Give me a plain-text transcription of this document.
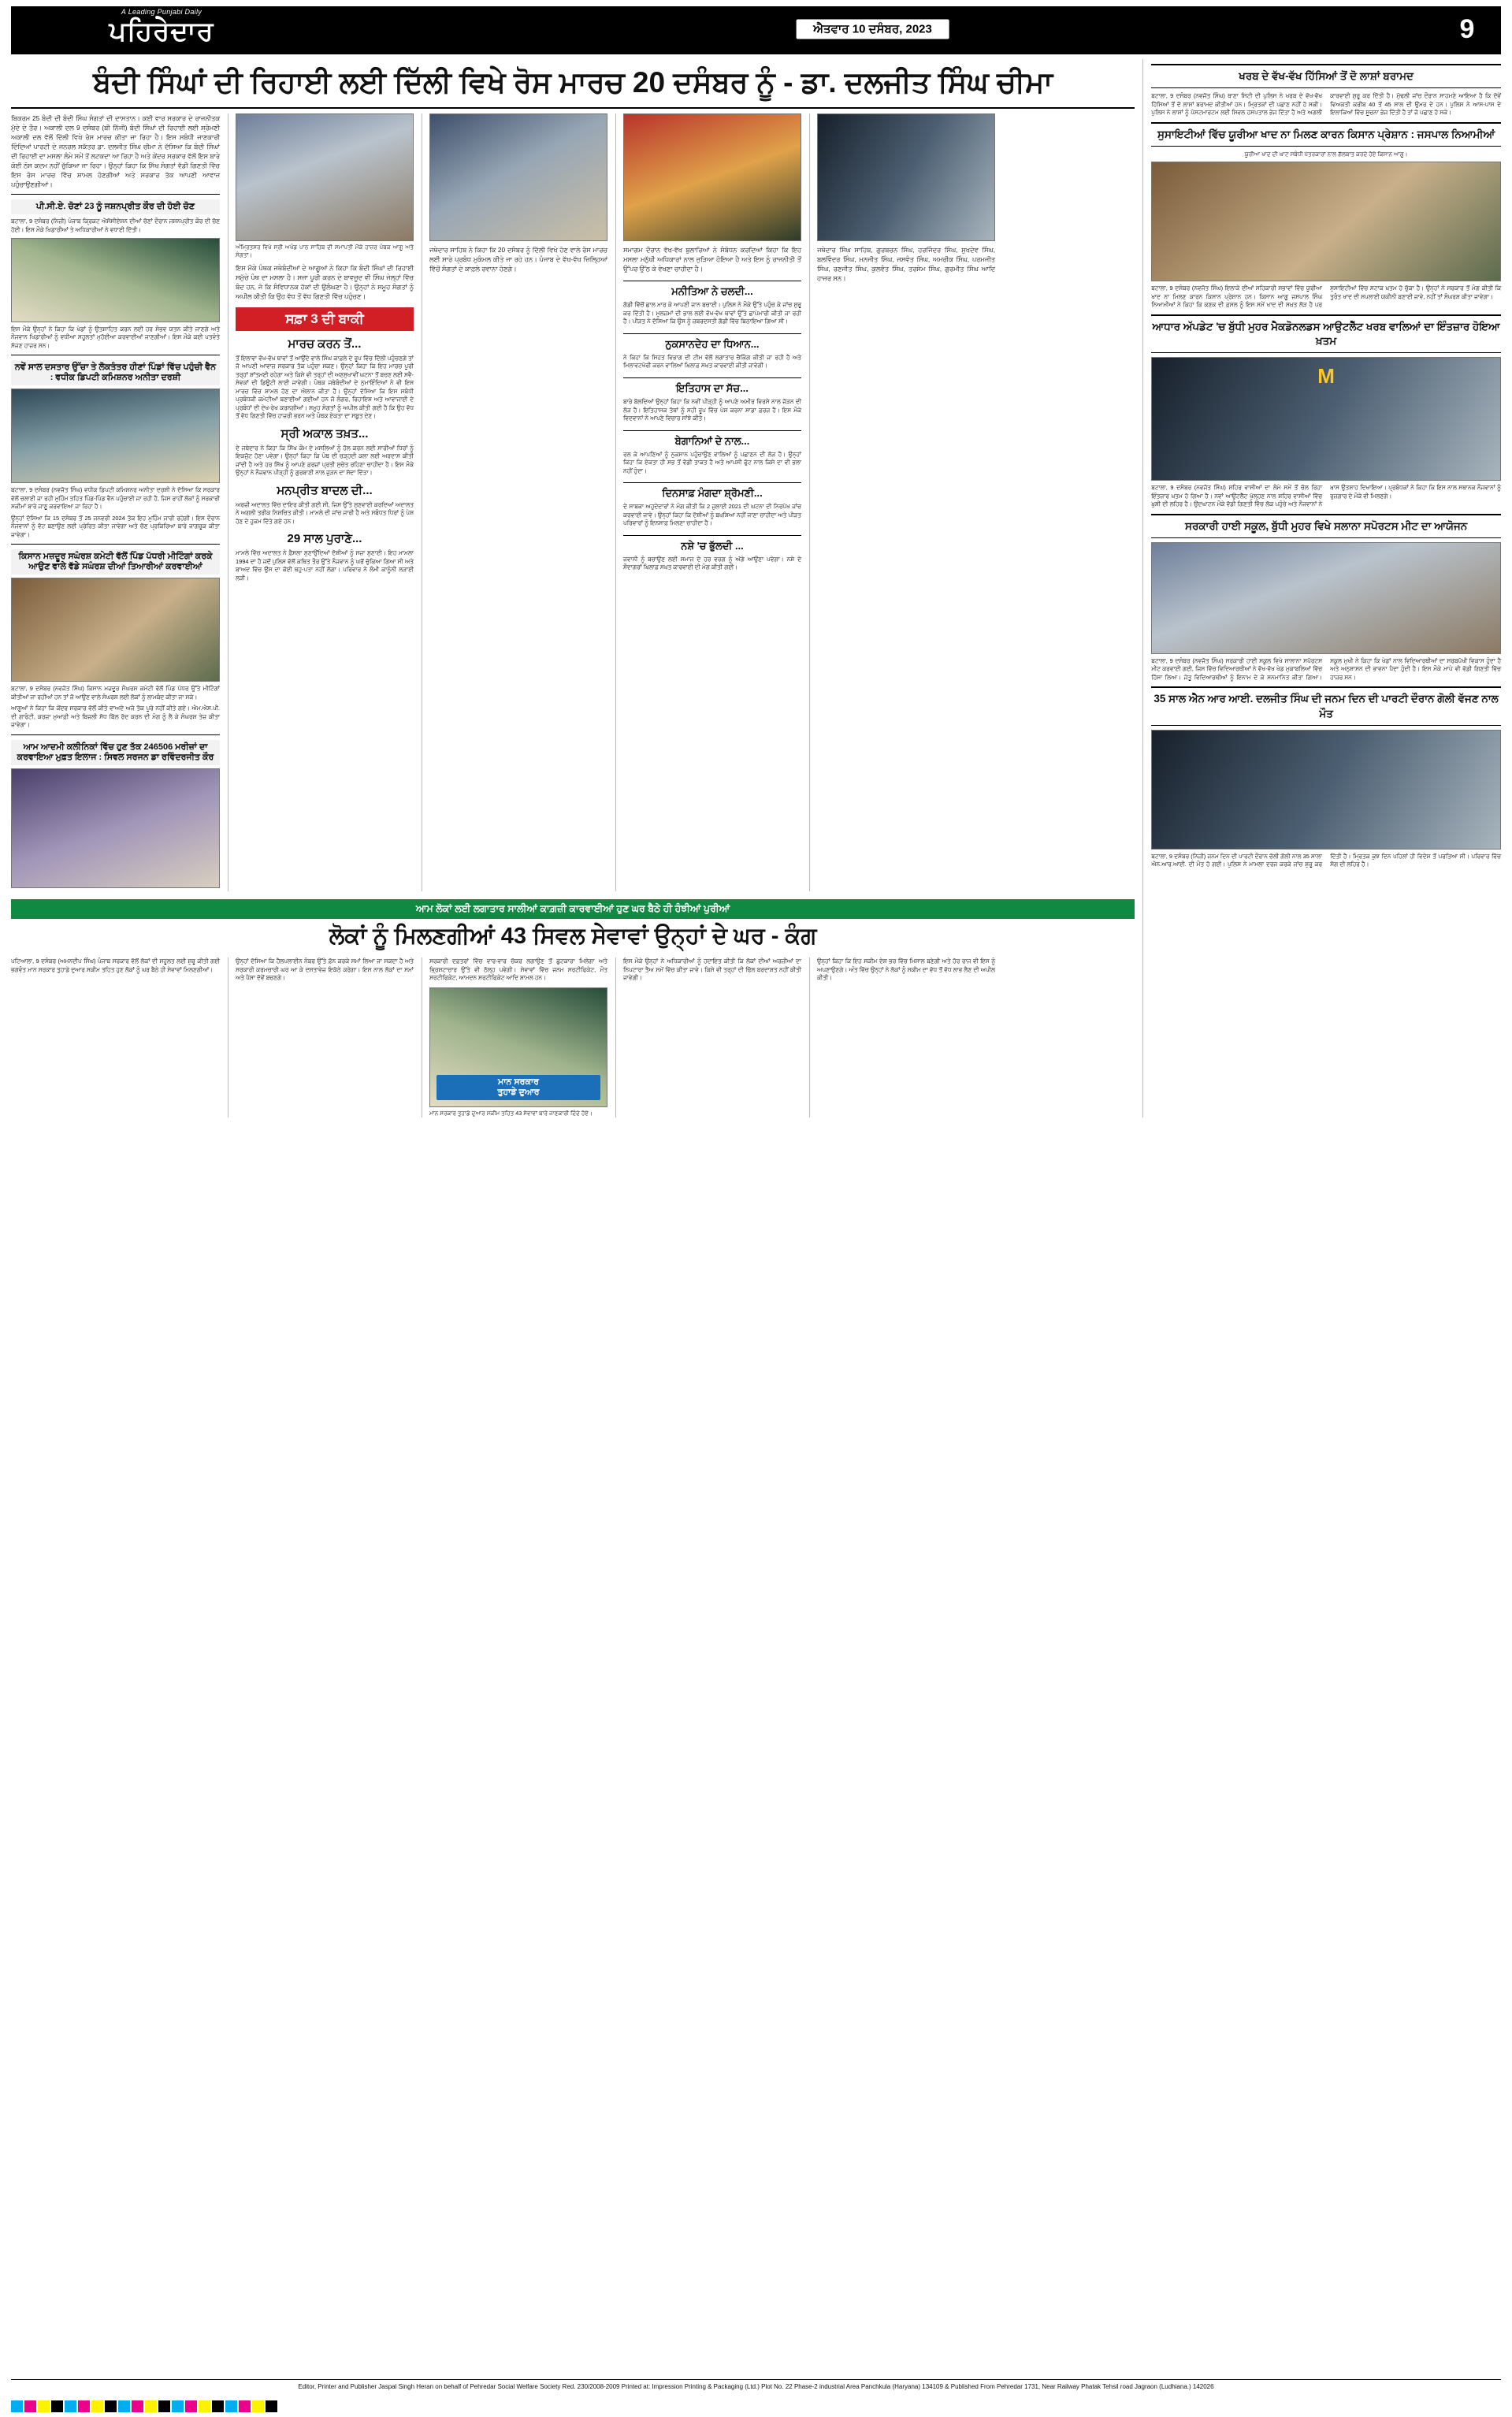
A Leading Punjabi Daily
ਪਹਿਰੇਦਾਰ	ਐਤਵਾਰ 10 ਦਸੰਬਰ, 2023	9
ਬੰਦੀ ਸਿੰਘਾਂ ਦੀ ਰਿਹਾਈ ਲਈ ਦਿੱਲੀ ਵਿਖੇ ਰੋਸ ਮਾਰਚ 20 ਦਸੰਬਰ ਨੂੰ - ਡਾ. ਦਲਜੀਤ ਸਿੰਘ ਚੀਮਾ
ਬਿਕਰਮ 25 ਬੰਦੀ ਦੀ ਬੰਦੀ ਸਿੰਘ ਸੰਗਤਾਂ ਦੀ ਦਾਸਤਾਨ। ਕਈ ਵਾਰ ਸਰਕਾਰ ਦੇ ਰਾਜਨੀਤਕ ਮੁੱਦੇ ਦੇ ਤੌਰ। ਅਕਾਲੀ ਦਲ 9 ਦਸੰਬਰ (ਬੀ ਨਿੱਜੀ) ਬੰਦੀ ਸਿੰਘਾਂ ਦੀ ਰਿਹਾਈ ਲਈ ਸ਼੍ਰੋਮਣੀ ਅਕਾਲੀ ਦਲ ਵੱਲੋਂ ਦਿੱਲੀ ਵਿਖੇ ਰੋਸ ਮਾਰਚ ਕੀਤਾ ਜਾ ਰਿਹਾ ਹੈ। ਇਸ ਸਬੰਧੀ ਜਾਣਕਾਰੀ ਦਿੰਦਿਆਂ ਪਾਰਟੀ ਦੇ ਜਨਰਲ ਸਕੱਤਰ ਡਾ. ਦਲਜੀਤ ਸਿੰਘ ਚੀਮਾ ਨੇ ਦੱਸਿਆ ਕਿ ਬੰਦੀ ਸਿੰਘਾਂ ਦੀ ਰਿਹਾਈ ਦਾ ਮਸਲਾ ਲੰਮੇ ਸਮੇਂ ਤੋਂ ਲਟਕਦਾ ਆ ਰਿਹਾ ਹੈ ਅਤੇ ਕੇਂਦਰ ਸਰਕਾਰ ਵੱਲੋਂ ਇਸ ਬਾਰੇ ਕੋਈ ਠੋਸ ਕਦਮ ਨਹੀਂ ਚੁੱਕਿਆ ਜਾ ਰਿਹਾ। ਉਨ੍ਹਾਂ ਕਿਹਾ ਕਿ ਸਿੱਖ ਸੰਗਤਾਂ ਵੱਡੀ ਗਿਣਤੀ ਵਿੱਚ ਇਸ ਰੋਸ ਮਾਰਚ ਵਿੱਚ ਸ਼ਾਮਲ ਹੋਣਗੀਆਂ ਅਤੇ ਸਰਕਾਰ ਤੱਕ ਆਪਣੀ ਆਵਾਜ਼ ਪਹੁੰਚਾਉਣਗੀਆਂ।
ਪੀ.ਸੀ.ਏ. ਚੋਣਾਂ 23 ਨੂੰ ਜਸ਼ਨਪ੍ਰੀਤ ਕੌਰ ਦੀ ਹੋਈ ਚੋਣ
ਬਟਾਲਾ, 9 ਦਸੰਬਰ (ਨਿਜ਼ੀ) ਪੰਜਾਬ ਕ੍ਰਿਕਟ ਐਸੋਸੀਏਸ਼ਨ ਦੀਆਂ ਚੋਣਾਂ ਦੌਰਾਨ ਜਸ਼ਨਪ੍ਰੀਤ ਕੌਰ ਦੀ ਚੋਣ ਹੋਈ। ਇਸ ਮੌਕੇ ਖਿਡਾਰੀਆਂ ਤੇ ਅਧਿਕਾਰੀਆਂ ਨੇ ਵਧਾਈ ਦਿੱਤੀ।
ਇਸ ਮੌਕੇ ਉਨ੍ਹਾਂ ਨੇ ਕਿਹਾ ਕਿ ਖੇਡਾਂ ਨੂੰ ਉਤਸ਼ਾਹਿਤ ਕਰਨ ਲਈ ਹਰ ਸੰਭਵ ਯਤਨ ਕੀਤੇ ਜਾਣਗੇ ਅਤੇ ਨੌਜਵਾਨ ਖਿਡਾਰੀਆਂ ਨੂੰ ਵਧੀਆ ਸਹੂਲਤਾਂ ਮੁਹੱਈਆ ਕਰਵਾਈਆਂ ਜਾਣਗੀਆਂ। ਇਸ ਮੌਕੇ ਕਈ ਪਤਵੰਤੇ ਸੱਜਣ ਹਾਜ਼ਰ ਸਨ।
ਨਵੇਂ ਸਾਲ ਦਸਤਾਰ ਉੱਚਾ ਤੇ ਲੋਕਤੰਤਰ ਹੀਣਾਂ ਪਿੰਡਾਂ ਵਿੱਚ ਪਹੁੰਚੀ ਵੈਨ : ਵਧੀਕ ਡਿਪਟੀ ਕਮਿਸ਼ਨਰ ਅਨੀਤਾ ਦਰਸ਼ੀ
ਬਟਾਲਾ, 9 ਦਸੰਬਰ (ਨਵਜੋਤ ਸਿੰਘ) ਵਧੀਕ ਡਿਪਟੀ ਕਮਿਸ਼ਨਰ ਅਨੀਤਾ ਦਰਸ਼ੀ ਨੇ ਦੱਸਿਆ ਕਿ ਸਰਕਾਰ ਵੱਲੋਂ ਚਲਾਈ ਜਾ ਰਹੀ ਮੁਹਿੰਮ ਤਹਿਤ ਪਿੰਡ-ਪਿੰਡ ਵੈਨ ਪਹੁੰਚਾਈ ਜਾ ਰਹੀ ਹੈ, ਜਿਸ ਰਾਹੀਂ ਲੋਕਾਂ ਨੂੰ ਸਰਕਾਰੀ ਸਕੀਮਾਂ ਬਾਰੇ ਜਾਣੂ ਕਰਵਾਇਆ ਜਾ ਰਿਹਾ ਹੈ।
ਉਨ੍ਹਾਂ ਦੱਸਿਆ ਕਿ 15 ਦਸੰਬਰ ਤੋਂ 25 ਜਨਵਰੀ 2024 ਤੱਕ ਇਹ ਮੁਹਿੰਮ ਜਾਰੀ ਰਹੇਗੀ। ਇਸ ਦੌਰਾਨ ਨੌਜਵਾਨਾਂ ਨੂੰ ਵੋਟ ਬਣਾਉਣ ਲਈ ਪ੍ਰੇਰਿਤ ਕੀਤਾ ਜਾਵੇਗਾ ਅਤੇ ਚੋਣ ਪ੍ਰਕਿਰਿਆ ਬਾਰੇ ਜਾਗਰੂਕ ਕੀਤਾ ਜਾਵੇਗਾ।
ਕਿਸਾਨ ਮਜ਼ਦੂਰ ਸਘੰਰਸ਼ ਕਮੇਟੀ ਵੱਲੋਂ ਪਿੰਡ ਪੱਧਰੀ ਮੀਟਿੰਗਾਂ ਕਰਕੇ ਆਉਣ ਵਾਲੇ ਵੱਡੇ ਸਘੰਰਸ਼ ਦੀਆਂ ਤਿਆਰੀਆਂ ਕਰਵਾਈਆਂ
ਬਟਾਲਾ, 9 ਦਸੰਬਰ (ਨਵਜੋਤ ਸਿੰਘ) ਕਿਸਾਨ ਮਜ਼ਦੂਰ ਸੰਘਰਸ਼ ਕਮੇਟੀ ਵੱਲੋਂ ਪਿੰਡ ਪੱਧਰ ਉੱਤੇ ਮੀਟਿੰਗਾਂ ਕੀਤੀਆਂ ਜਾ ਰਹੀਆਂ ਹਨ ਤਾਂ ਜੋ ਆਉਣ ਵਾਲੇ ਸੰਘਰਸ਼ ਲਈ ਲੋਕਾਂ ਨੂੰ ਲਾਮਬੰਦ ਕੀਤਾ ਜਾ ਸਕੇ।
ਆਗੂਆਂ ਨੇ ਕਿਹਾ ਕਿ ਕੇਂਦਰ ਸਰਕਾਰ ਵੱਲੋਂ ਕੀਤੇ ਵਾਅਦੇ ਅਜੇ ਤੱਕ ਪੂਰੇ ਨਹੀਂ ਕੀਤੇ ਗਏ। ਐਮ.ਐਸ.ਪੀ. ਦੀ ਗਾਰੰਟੀ, ਕਰਜ਼ਾ ਮੁਆਫ਼ੀ ਅਤੇ ਬਿਜਲੀ ਸੋਧ ਬਿੱਲ ਰੱਦ ਕਰਨ ਦੀ ਮੰਗ ਨੂੰ ਲੈ ਕੇ ਸੰਘਰਸ਼ ਤੇਜ਼ ਕੀਤਾ ਜਾਵੇਗਾ।
ਆਮ ਆਦਮੀ ਕਲੀਨਿਕਾਂ ਵਿੱਚ ਹੁਣ ਤੱਕ 246506 ਮਰੀਜ਼ਾਂ ਦਾ ਕਰਵਾਇਆ ਮੁਫ਼ਤ ਇਲਾਜ : ਸਿਵਲ ਸਰਜਨ ਡਾ ਰਵਿੰਦਰਜੀਤ ਕੌਰ
ਅੰਮ੍ਰਿਤਸਰ ਵਿਖੇ ਸ੍ਰੀ ਅਖੰਡ ਪਾਠ ਸਾਹਿਬ ਦੀ ਸਮਾਪਤੀ ਮੌਕੇ ਹਾਜ਼ਰ ਪੰਥਕ ਆਗੂ ਅਤੇ ਸੰਗਤਾਂ।
ਇਸ ਮੌਕੇ ਪੰਥਕ ਜਥੇਬੰਦੀਆਂ ਦੇ ਆਗੂਆਂ ਨੇ ਕਿਹਾ ਕਿ ਬੰਦੀ ਸਿੰਘਾਂ ਦੀ ਰਿਹਾਈ ਸਮੁੱਚੇ ਪੰਥ ਦਾ ਮਸਲਾ ਹੈ। ਸਜ਼ਾ ਪੂਰੀ ਕਰਨ ਦੇ ਬਾਵਜੂਦ ਵੀ ਸਿੰਘ ਜੇਲ੍ਹਾਂ ਵਿੱਚ ਬੰਦ ਹਨ, ਜੋ ਕਿ ਸੰਵਿਧਾਨਕ ਹੱਕਾਂ ਦੀ ਉਲੰਘਣਾ ਹੈ। ਉਨ੍ਹਾਂ ਨੇ ਸਮੂਹ ਸੰਗਤਾਂ ਨੂੰ ਅਪੀਲ ਕੀਤੀ ਕਿ ਉਹ ਵੱਧ ਤੋਂ ਵੱਧ ਗਿਣਤੀ ਵਿੱਚ ਪਹੁੰਚਣ।
ਸਫ਼ਾ 3 ਦੀ ਬਾਕੀ
ਮਾਰਚ ਕਰਨ ਤੋਂ...
ਤੋਂ ਇਲਾਵਾ ਵੱਖ-ਵੱਖ ਥਾਵਾਂ ਤੋਂ ਆਉਂਦੇ ਵਾਲੇ ਸਿੰਘ ਕਾਫ਼ਲੇ ਦੇ ਰੂਪ ਵਿੱਚ ਦਿੱਲੀ ਪਹੁੰਚਣਗੇ ਤਾਂ ਜੋ ਆਪਣੀ ਆਵਾਜ਼ ਸਰਕਾਰ ਤੱਕ ਪਹੁੰਚਾ ਸਕਣ। ਉਨ੍ਹਾਂ ਕਿਹਾ ਕਿ ਇਹ ਮਾਰਚ ਪੂਰੀ ਤਰ੍ਹਾਂ ਸ਼ਾਂਤਮਈ ਰਹੇਗਾ ਅਤੇ ਕਿਸੇ ਵੀ ਤਰ੍ਹਾਂ ਦੀ ਅਣਸੁਖਾਵੀਂ ਘਟਨਾ ਤੋਂ ਬਚਣ ਲਈ ਸਵੈ-ਸੇਵਕਾਂ ਦੀ ਡਿਊਟੀ ਲਾਈ ਜਾਵੇਗੀ। ਪੰਥਕ ਜਥੇਬੰਦੀਆਂ ਦੇ ਨੁਮਾਇੰਦਿਆਂ ਨੇ ਵੀ ਇਸ ਮਾਰਚ ਵਿੱਚ ਸ਼ਾਮਲ ਹੋਣ ਦਾ ਐਲਾਨ ਕੀਤਾ ਹੈ। ਉਨ੍ਹਾਂ ਦੱਸਿਆ ਕਿ ਇਸ ਸਬੰਧੀ ਪ੍ਰਬੰਧਕੀ ਕਮੇਟੀਆਂ ਬਣਾਈਆਂ ਗਈਆਂ ਹਨ ਜੋ ਲੰਗਰ, ਰਿਹਾਇਸ਼ ਅਤੇ ਆਵਾਜਾਈ ਦੇ ਪ੍ਰਬੰਧਾਂ ਦੀ ਦੇਖ-ਰੇਖ ਕਰਨਗੀਆਂ। ਸਮੂਹ ਸੰਗਤਾਂ ਨੂੰ ਅਪੀਲ ਕੀਤੀ ਗਈ ਹੈ ਕਿ ਉਹ ਵੱਧ ਤੋਂ ਵੱਧ ਗਿਣਤੀ ਵਿੱਚ ਹਾਜ਼ਰੀ ਭਰਨ ਅਤੇ ਪੰਥਕ ਏਕਤਾ ਦਾ ਸਬੂਤ ਦੇਣ।
ਸ੍ਰੀ ਅਕਾਲ ਤਖ਼ਤ...
ਦੇ ਜਥੇਦਾਰ ਨੇ ਕਿਹਾ ਕਿ ਸਿੱਖ ਕੌਮ ਦੇ ਮਸਲਿਆਂ ਨੂੰ ਹੱਲ ਕਰਨ ਲਈ ਸਾਰੀਆਂ ਧਿਰਾਂ ਨੂੰ ਇਕਜੁੱਟ ਹੋਣਾ ਪਵੇਗਾ। ਉਨ੍ਹਾਂ ਕਿਹਾ ਕਿ ਪੰਥ ਦੀ ਚੜ੍ਹਦੀ ਕਲਾ ਲਈ ਅਰਦਾਸ ਕੀਤੀ ਜਾਂਦੀ ਹੈ ਅਤੇ ਹਰ ਸਿੱਖ ਨੂੰ ਆਪਣੇ ਫ਼ਰਜ਼ਾਂ ਪ੍ਰਤੀ ਸੁਚੇਤ ਰਹਿਣਾ ਚਾਹੀਦਾ ਹੈ। ਇਸ ਮੌਕੇ ਉਨ੍ਹਾਂ ਨੇ ਨੌਜਵਾਨ ਪੀੜ੍ਹੀ ਨੂੰ ਗੁਰਬਾਣੀ ਨਾਲ ਜੁੜਨ ਦਾ ਸੱਦਾ ਦਿੱਤਾ।
ਮਨਪ੍ਰੀਤ ਬਾਦਲ ਦੀ...
ਅਰਜ਼ੀ ਅਦਾਲਤ ਵਿੱਚ ਦਾਇਰ ਕੀਤੀ ਗਈ ਸੀ, ਜਿਸ ਉੱਤੇ ਸੁਣਵਾਈ ਕਰਦਿਆਂ ਅਦਾਲਤ ਨੇ ਅਗਲੀ ਤਰੀਕ ਨਿਸ਼ਚਿਤ ਕੀਤੀ। ਮਾਮਲੇ ਦੀ ਜਾਂਚ ਜਾਰੀ ਹੈ ਅਤੇ ਸਬੰਧਤ ਧਿਰਾਂ ਨੂੰ ਪੇਸ਼ ਹੋਣ ਦੇ ਹੁਕਮ ਦਿੱਤੇ ਗਏ ਹਨ।
29 ਸਾਲ ਪੁਰਾਣੇ...
ਮਾਮਲੇ ਵਿੱਚ ਅਦਾਲਤ ਨੇ ਫ਼ੈਸਲਾ ਸੁਣਾਉਂਦਿਆਂ ਦੋਸ਼ੀਆਂ ਨੂੰ ਸਜ਼ਾ ਸੁਣਾਈ। ਇਹ ਮਾਮਲਾ 1994 ਦਾ ਹੈ ਜਦੋਂ ਪੁਲਿਸ ਵੱਲੋਂ ਕਥਿਤ ਤੌਰ ਉੱਤੇ ਨੌਜਵਾਨ ਨੂੰ ਘਰੋਂ ਚੁੱਕਿਆ ਗਿਆ ਸੀ ਅਤੇ ਬਾਅਦ ਵਿੱਚ ਉਸ ਦਾ ਕੋਈ ਥਹੁ-ਪਤਾ ਨਹੀਂ ਲੱਗਾ। ਪਰਿਵਾਰ ਨੇ ਲੰਮੀ ਕਾਨੂੰਨੀ ਲੜਾਈ ਲੜੀ।
ਜਥੇਦਾਰ ਸਾਹਿਬ ਨੇ ਕਿਹਾ ਕਿ 20 ਦਸੰਬਰ ਨੂੰ ਦਿੱਲੀ ਵਿਖੇ ਹੋਣ ਵਾਲੇ ਰੋਸ ਮਾਰਚ ਲਈ ਸਾਰੇ ਪ੍ਰਬੰਧ ਮੁਕੰਮਲ ਕੀਤੇ ਜਾ ਰਹੇ ਹਨ। ਪੰਜਾਬ ਦੇ ਵੱਖ-ਵੱਖ ਜ਼ਿਲ੍ਹਿਆਂ ਵਿੱਚੋਂ ਸੰਗਤਾਂ ਦੇ ਕਾਫ਼ਲੇ ਰਵਾਨਾ ਹੋਣਗੇ।
ਸਮਾਗਮ ਦੌਰਾਨ ਵੱਖ-ਵੱਖ ਬੁਲਾਰਿਆਂ ਨੇ ਸੰਬੋਧਨ ਕਰਦਿਆਂ ਕਿਹਾ ਕਿ ਇਹ ਮਸਲਾ ਮਨੁੱਖੀ ਅਧਿਕਾਰਾਂ ਨਾਲ ਜੁੜਿਆ ਹੋਇਆ ਹੈ ਅਤੇ ਇਸ ਨੂੰ ਰਾਜਨੀਤੀ ਤੋਂ ਉੱਪਰ ਉੱਠ ਕੇ ਵੇਖਣਾ ਚਾਹੀਦਾ ਹੈ।
ਮਨੀਤਿਆ ਨੇ ਚਲਦੀ...
ਗੱਡੀ ਵਿੱਚੋਂ ਛਾਲ ਮਾਰ ਕੇ ਆਪਣੀ ਜਾਨ ਬਚਾਈ। ਪੁਲਿਸ ਨੇ ਮੌਕੇ ਉੱਤੇ ਪਹੁੰਚ ਕੇ ਜਾਂਚ ਸ਼ੁਰੂ ਕਰ ਦਿੱਤੀ ਹੈ। ਮੁਲਜ਼ਮਾਂ ਦੀ ਭਾਲ ਲਈ ਵੱਖ-ਵੱਖ ਥਾਵਾਂ ਉੱਤੇ ਛਾਪੇਮਾਰੀ ਕੀਤੀ ਜਾ ਰਹੀ ਹੈ। ਪੀੜਤ ਨੇ ਦੱਸਿਆ ਕਿ ਉਸ ਨੂੰ ਜ਼ਬਰਦਸਤੀ ਗੱਡੀ ਵਿੱਚ ਬਿਠਾਇਆ ਗਿਆ ਸੀ।
ਨੁਕਸਾਨਦੇਹ ਦਾ ਧਿਆਨ...
ਨੇ ਕਿਹਾ ਕਿ ਸਿਹਤ ਵਿਭਾਗ ਦੀ ਟੀਮ ਵੱਲੋਂ ਲਗਾਤਾਰ ਚੈਕਿੰਗ ਕੀਤੀ ਜਾ ਰਹੀ ਹੈ ਅਤੇ ਮਿਲਾਵਟਖੋਰੀ ਕਰਨ ਵਾਲਿਆਂ ਖ਼ਿਲਾਫ਼ ਸਖ਼ਤ ਕਾਰਵਾਈ ਕੀਤੀ ਜਾਵੇਗੀ।
ਇਤਿਹਾਸ ਦਾ ਸੱਚ...
ਬਾਰੇ ਬੋਲਦਿਆਂ ਉਨ੍ਹਾਂ ਕਿਹਾ ਕਿ ਨਵੀਂ ਪੀੜ੍ਹੀ ਨੂੰ ਆਪਣੇ ਅਮੀਰ ਵਿਰਸੇ ਨਾਲ ਜੋੜਨ ਦੀ ਲੋੜ ਹੈ। ਇਤਿਹਾਸਕ ਤੱਥਾਂ ਨੂੰ ਸਹੀ ਰੂਪ ਵਿੱਚ ਪੇਸ਼ ਕਰਨਾ ਸਾਡਾ ਫ਼ਰਜ਼ ਹੈ। ਇਸ ਮੌਕੇ ਵਿਦਵਾਨਾਂ ਨੇ ਆਪਣੇ ਵਿਚਾਰ ਸਾਂਝੇ ਕੀਤੇ।
ਬੇਗਾਨਿਆਂ ਦੇ ਨਾਲ...
ਰਲ ਕੇ ਆਪਣਿਆਂ ਨੂੰ ਨੁਕਸਾਨ ਪਹੁੰਚਾਉਣ ਵਾਲਿਆਂ ਨੂੰ ਪਛਾਣਨ ਦੀ ਲੋੜ ਹੈ। ਉਨ੍ਹਾਂ ਕਿਹਾ ਕਿ ਏਕਤਾ ਹੀ ਸਭ ਤੋਂ ਵੱਡੀ ਤਾਕਤ ਹੈ ਅਤੇ ਆਪਸੀ ਫੁੱਟ ਨਾਲ ਕਿਸੇ ਦਾ ਵੀ ਭਲਾ ਨਹੀਂ ਹੁੰਦਾ।
ਦਿਨਸਾਫ਼ ਮੰਗਦਾ ਸ਼੍ਰੋਮਣੀ...
ਦੇ ਸਾਬਕਾ ਅਹੁਦੇਦਾਰਾਂ ਨੇ ਮੰਗ ਕੀਤੀ ਕਿ 2 ਜੁਲਾਈ 2021 ਦੀ ਘਟਨਾ ਦੀ ਨਿਰਪੱਖ ਜਾਂਚ ਕਰਵਾਈ ਜਾਵੇ। ਉਨ੍ਹਾਂ ਕਿਹਾ ਕਿ ਦੋਸ਼ੀਆਂ ਨੂੰ ਬਖ਼ਸ਼ਿਆ ਨਹੀਂ ਜਾਣਾ ਚਾਹੀਦਾ ਅਤੇ ਪੀੜਤ ਪਰਿਵਾਰਾਂ ਨੂੰ ਇਨਸਾਫ਼ ਮਿਲਣਾ ਚਾਹੀਦਾ ਹੈ।
ਨਸ਼ੇ 'ਚ ਭੁੱਲਦੀ ...
ਜਵਾਨੀ ਨੂੰ ਬਚਾਉਣ ਲਈ ਸਮਾਜ ਦੇ ਹਰ ਵਰਗ ਨੂੰ ਅੱਗੇ ਆਉਣਾ ਪਵੇਗਾ। ਨਸ਼ੇ ਦੇ ਸੌਦਾਗਰਾਂ ਖ਼ਿਲਾਫ਼ ਸਖ਼ਤ ਕਾਰਵਾਈ ਦੀ ਮੰਗ ਕੀਤੀ ਗਈ।
ਜਥੇਦਾਰ ਸਿੰਘ ਸਾਹਿਬ, ਗੁਰਬਚਨ ਸਿੰਘ, ਹਰਜਿੰਦਰ ਸਿੰਘ, ਸੁਖਦੇਵ ਸਿੰਘ, ਬਲਵਿੰਦਰ ਸਿੰਘ, ਮਨਜੀਤ ਸਿੰਘ, ਜਸਵੰਤ ਸਿੰਘ, ਅਮਰੀਕ ਸਿੰਘ, ਪਰਮਜੀਤ ਸਿੰਘ, ਰਣਜੀਤ ਸਿੰਘ, ਕੁਲਵੰਤ ਸਿੰਘ, ਤਰਸੇਮ ਸਿੰਘ, ਗੁਰਮੀਤ ਸਿੰਘ ਆਦਿ ਹਾਜ਼ਰ ਸਨ।
ਆਮ ਲੋਕਾਂ ਲਈ ਲਗਾਤਾਰ ਸਾਲੀਆਂ ਕਾਗ਼ਜ਼ੀ ਕਾਰਵਾਈਆਂ ਹੁਣ ਘਰ ਬੈਠੇ ਹੀ ਹੰਝੀਆਂ ਪੁਰੀਆਂ
ਲੋਕਾਂ ਨੂੰ ਮਿਲਣਗੀਆਂ 43 ਸਿਵਲ ਸੇਵਾਵਾਂ ਉਨ੍ਹਾਂ ਦੇ ਘਰ - ਕੰਗ
ਪਟਿਆਲਾ, 9 ਦਸੰਬਰ (ਅਮਨਦੀਪ ਸਿੰਘ) ਪੰਜਾਬ ਸਰਕਾਰ ਵੱਲੋਂ ਲੋਕਾਂ ਦੀ ਸਹੂਲਤ ਲਈ ਸ਼ੁਰੂ ਕੀਤੀ ਗਈ ਭਗਵੰਤ ਮਾਨ ਸਰਕਾਰ ਤੁਹਾਡੇ ਦੁਆਰ ਸਕੀਮ ਤਹਿਤ ਹੁਣ ਲੋਕਾਂ ਨੂੰ ਘਰ ਬੈਠੇ ਹੀ ਸੇਵਾਵਾਂ ਮਿਲਣਗੀਆਂ।
ਉਨ੍ਹਾਂ ਦੱਸਿਆ ਕਿ ਹੈਲਪਲਾਈਨ ਨੰਬਰ ਉੱਤੇ ਫ਼ੋਨ ਕਰਕੇ ਸਮਾਂ ਲਿਆ ਜਾ ਸਕਦਾ ਹੈ ਅਤੇ ਸਰਕਾਰੀ ਕਰਮਚਾਰੀ ਘਰ ਆ ਕੇ ਦਸਤਾਵੇਜ਼ ਇਕੱਠੇ ਕਰੇਗਾ। ਇਸ ਨਾਲ ਲੋਕਾਂ ਦਾ ਸਮਾਂ ਅਤੇ ਪੈਸਾ ਦੋਵੇਂ ਬਚਣਗੇ।
ਸਰਕਾਰੀ ਦਫ਼ਤਰਾਂ ਵਿੱਚ ਵਾਰ-ਵਾਰ ਚੱਕਰ ਲਗਾਉਣ ਤੋਂ ਛੁਟਕਾਰਾ ਮਿਲੇਗਾ ਅਤੇ ਭ੍ਰਿਸ਼ਟਾਚਾਰ ਉੱਤੇ ਵੀ ਠੱਲ੍ਹ ਪਵੇਗੀ। ਸੇਵਾਵਾਂ ਵਿੱਚ ਜਨਮ ਸਰਟੀਫਿਕੇਟ, ਮੌਤ ਸਰਟੀਫਿਕੇਟ, ਆਮਦਨ ਸਰਟੀਫਿਕੇਟ ਆਦਿ ਸ਼ਾਮਲ ਹਨ।
ਮਾਨ ਸਰਕਾਰ
ਤੁਹਾਡੇ ਦੁਆਰ
ਮਾਨ ਸਰਕਾਰ ਤੁਹਾਡੇ ਦੁਆਰ ਸਕੀਮ ਤਹਿਤ 43 ਸੇਵਾਵਾਂ ਬਾਰੇ ਜਾਣਕਾਰੀ ਦਿੰਦੇ ਹੋਏ।
ਇਸ ਮੌਕੇ ਉਨ੍ਹਾਂ ਨੇ ਅਧਿਕਾਰੀਆਂ ਨੂੰ ਹਦਾਇਤ ਕੀਤੀ ਕਿ ਲੋਕਾਂ ਦੀਆਂ ਅਰਜ਼ੀਆਂ ਦਾ ਨਿਪਟਾਰਾ ਤੈਅ ਸਮੇਂ ਵਿੱਚ ਕੀਤਾ ਜਾਵੇ। ਕਿਸੇ ਵੀ ਤਰ੍ਹਾਂ ਦੀ ਢਿੱਲ ਬਰਦਾਸ਼ਤ ਨਹੀਂ ਕੀਤੀ ਜਾਵੇਗੀ।
ਉਨ੍ਹਾਂ ਕਿਹਾ ਕਿ ਇਹ ਸਕੀਮ ਦੇਸ਼ ਭਰ ਵਿੱਚ ਮਿਸਾਲ ਬਣੇਗੀ ਅਤੇ ਹੋਰ ਰਾਜ ਵੀ ਇਸ ਨੂੰ ਅਪਣਾਉਣਗੇ। ਅੰਤ ਵਿੱਚ ਉਨ੍ਹਾਂ ਨੇ ਲੋਕਾਂ ਨੂੰ ਸਕੀਮ ਦਾ ਵੱਧ ਤੋਂ ਵੱਧ ਲਾਭ ਲੈਣ ਦੀ ਅਪੀਲ ਕੀਤੀ।
ਖਰਬ ਦੇ ਵੱਖ-ਵੱਖ ਹਿੱਸਿਆਂ ਤੋਂ ਦੋ ਲਾਸ਼ਾਂ ਬਰਾਮਦ
ਬਟਾਲਾ, 9 ਦਸੰਬਰ (ਨਵਜੋਤ ਸਿੰਘ) ਥਾਣਾ ਸਿਟੀ ਦੀ ਪੁਲਿਸ ਨੇ ਖਰਬ ਦੇ ਵੱਖ-ਵੱਖ ਹਿੱਸਿਆਂ ਤੋਂ ਦੋ ਲਾਸ਼ਾਂ ਬਰਾਮਦ ਕੀਤੀਆਂ ਹਨ। ਮ੍ਰਿਤਕਾਂ ਦੀ ਪਛਾਣ ਨਹੀਂ ਹੋ ਸਕੀ। ਪੁਲਿਸ ਨੇ ਲਾਸ਼ਾਂ ਨੂੰ ਪੋਸਟਮਾਰਟਮ ਲਈ ਸਿਵਲ ਹਸਪਤਾਲ ਭੇਜ ਦਿੱਤਾ ਹੈ ਅਤੇ ਅਗਲੀ ਕਾਰਵਾਈ ਸ਼ੁਰੂ ਕਰ ਦਿੱਤੀ ਹੈ। ਮੁੱਢਲੀ ਜਾਂਚ ਦੌਰਾਨ ਸਾਹਮਣੇ ਆਇਆ ਹੈ ਕਿ ਦੋਵੇਂ ਵਿਅਕਤੀ ਕਰੀਬ 40 ਤੋਂ 45 ਸਾਲ ਦੀ ਉਮਰ ਦੇ ਹਨ। ਪੁਲਿਸ ਨੇ ਆਸ-ਪਾਸ ਦੇ ਇਲਾਕਿਆਂ ਵਿੱਚ ਸੂਚਨਾ ਭੇਜ ਦਿੱਤੀ ਹੈ ਤਾਂ ਜੋ ਪਛਾਣ ਹੋ ਸਕੇ।
ਸੁਸਾਇਟੀਆਂ ਵਿੱਚ ਯੂਰੀਆ ਖਾਦ ਨਾ ਮਿਲਣ ਕਾਰਨ ਕਿਸਾਨ ਪ੍ਰੇਸ਼ਾਨ : ਜਸਪਾਲ ਨਿਆਮੀਆਂ
ਯੂਰੀਆ ਖਾਦ ਦੀ ਘਾਟ ਸਬੰਧੀ ਪੱਤਰਕਾਰਾਂ ਨਾਲ ਗੱਲਬਾਤ ਕਰਦੇ ਹੋਏ ਕਿਸਾਨ ਆਗੂ।
ਬਟਾਲਾ, 9 ਦਸੰਬਰ (ਨਵਜੋਤ ਸਿੰਘ) ਇਲਾਕੇ ਦੀਆਂ ਸਹਿਕਾਰੀ ਸਭਾਵਾਂ ਵਿੱਚ ਯੂਰੀਆ ਖਾਦ ਨਾ ਮਿਲਣ ਕਾਰਨ ਕਿਸਾਨ ਪ੍ਰੇਸ਼ਾਨ ਹਨ। ਕਿਸਾਨ ਆਗੂ ਜਸਪਾਲ ਸਿੰਘ ਨਿਆਮੀਆਂ ਨੇ ਕਿਹਾ ਕਿ ਕਣਕ ਦੀ ਫ਼ਸਲ ਨੂੰ ਇਸ ਸਮੇਂ ਖਾਦ ਦੀ ਸਖ਼ਤ ਲੋੜ ਹੈ ਪਰ ਸੁਸਾਇਟੀਆਂ ਵਿੱਚ ਸਟਾਕ ਖ਼ਤਮ ਹੋ ਚੁੱਕਾ ਹੈ। ਉਨ੍ਹਾਂ ਨੇ ਸਰਕਾਰ ਤੋਂ ਮੰਗ ਕੀਤੀ ਕਿ ਤੁਰੰਤ ਖਾਦ ਦੀ ਸਪਲਾਈ ਯਕੀਨੀ ਬਣਾਈ ਜਾਵੇ, ਨਹੀਂ ਤਾਂ ਸੰਘਰਸ਼ ਕੀਤਾ ਜਾਵੇਗਾ।
ਆਧਾਰ ਅੱਪਡੇਟ 'ਚ ਬੁੱਧੀ ਮੁਹਰ ਮੈਕਡੋਨਲਡਸ ਆਉਟਲੈੱਟ ਖਰਬ ਵਾਲਿਆਂ ਦਾ ਇੰਤਜ਼ਾਰ ਹੋਇਆ ਖ਼ਤਮ
M
ਬਟਾਲਾ, 9 ਦਸੰਬਰ (ਨਵਜੋਤ ਸਿੰਘ) ਸ਼ਹਿਰ ਵਾਸੀਆਂ ਦਾ ਲੰਮੇ ਸਮੇਂ ਤੋਂ ਚੱਲ ਰਿਹਾ ਇੰਤਜ਼ਾਰ ਖ਼ਤਮ ਹੋ ਗਿਆ ਹੈ। ਨਵਾਂ ਆਉਟਲੈੱਟ ਖੁੱਲ੍ਹਣ ਨਾਲ ਸ਼ਹਿਰ ਵਾਸੀਆਂ ਵਿੱਚ ਖ਼ੁਸ਼ੀ ਦੀ ਲਹਿਰ ਹੈ। ਉਦਘਾਟਨ ਮੌਕੇ ਵੱਡੀ ਗਿਣਤੀ ਵਿੱਚ ਲੋਕ ਪਹੁੰਚੇ ਅਤੇ ਨੌਜਵਾਨਾਂ ਨੇ ਖ਼ਾਸ ਉਤਸ਼ਾਹ ਦਿਖਾਇਆ। ਪ੍ਰਬੰਧਕਾਂ ਨੇ ਕਿਹਾ ਕਿ ਇਸ ਨਾਲ ਸਥਾਨਕ ਨੌਜਵਾਨਾਂ ਨੂੰ ਰੁਜ਼ਗਾਰ ਦੇ ਮੌਕੇ ਵੀ ਮਿਲਣਗੇ।
ਸਰਕਾਰੀ ਹਾਈ ਸਕੂਲ, ਬੁੱਧੀ ਮੁਹਰ ਵਿਖੇ ਸਲਾਨਾ ਸਪੋਰਟਸ ਮੀਟ ਦਾ ਆਯੋਜਨ
ਬਟਾਲਾ, 9 ਦਸੰਬਰ (ਨਵਜੋਤ ਸਿੰਘ) ਸਰਕਾਰੀ ਹਾਈ ਸਕੂਲ ਵਿਖੇ ਸਾਲਾਨਾ ਸਪੋਰਟਸ ਮੀਟ ਕਰਵਾਈ ਗਈ, ਜਿਸ ਵਿੱਚ ਵਿਦਿਆਰਥੀਆਂ ਨੇ ਵੱਖ-ਵੱਖ ਖੇਡ ਮੁਕਾਬਲਿਆਂ ਵਿੱਚ ਹਿੱਸਾ ਲਿਆ। ਜੇਤੂ ਵਿਦਿਆਰਥੀਆਂ ਨੂੰ ਇਨਾਮ ਦੇ ਕੇ ਸਨਮਾਨਿਤ ਕੀਤਾ ਗਿਆ। ਸਕੂਲ ਮੁਖੀ ਨੇ ਕਿਹਾ ਕਿ ਖੇਡਾਂ ਨਾਲ ਵਿਦਿਆਰਥੀਆਂ ਦਾ ਸਰਬਪੱਖੀ ਵਿਕਾਸ ਹੁੰਦਾ ਹੈ ਅਤੇ ਅਨੁਸ਼ਾਸਨ ਦੀ ਭਾਵਨਾ ਪੈਦਾ ਹੁੰਦੀ ਹੈ। ਇਸ ਮੌਕੇ ਮਾਪੇ ਵੀ ਵੱਡੀ ਗਿਣਤੀ ਵਿੱਚ ਹਾਜ਼ਰ ਸਨ।
35 ਸਾਲ ਐਨ ਆਰ ਆਈ. ਦਲਜੀਤ ਸਿੰਘ ਦੀ ਜਨਮ ਦਿਨ ਦੀ ਪਾਰਟੀ ਦੌਰਾਨ ਗੋਲੀ ਵੱਜਣ ਨਾਲ ਮੌਤ
ਬਟਾਲਾ, 9 ਦਸੰਬਰ (ਨਿਜ਼ੀ) ਜਨਮ ਦਿਨ ਦੀ ਪਾਰਟੀ ਦੌਰਾਨ ਚੱਲੀ ਗੋਲੀ ਨਾਲ 35 ਸਾਲਾ ਐਨ.ਆਰ.ਆਈ. ਦੀ ਮੌਤ ਹੋ ਗਈ। ਪੁਲਿਸ ਨੇ ਮਾਮਲਾ ਦਰਜ ਕਰਕੇ ਜਾਂਚ ਸ਼ੁਰੂ ਕਰ ਦਿੱਤੀ ਹੈ। ਮ੍ਰਿਤਕ ਕੁਝ ਦਿਨ ਪਹਿਲਾਂ ਹੀ ਵਿਦੇਸ਼ ਤੋਂ ਪਰਤਿਆ ਸੀ। ਪਰਿਵਾਰ ਵਿੱਚ ਸੋਗ ਦੀ ਲਹਿਰ ਹੈ।
Editor, Printer and Publisher Jaspal Singh Heran on behalf of Pehredar Social Welfare Society Red. 230/2008-2009 Printed at: Impression Printing & Packaging (Ltd.) Plot No. 22 Phase-2 industrial Area Panchkula (Haryana) 134109 & Published From Pehredar 1731, Near Railway Phatak Tehsil road Jagraon (Ludhiana.) 142026
